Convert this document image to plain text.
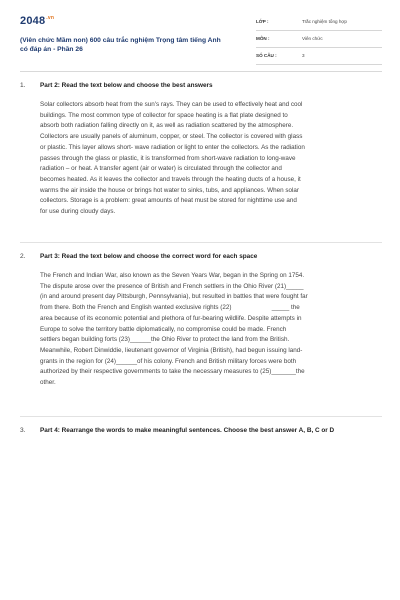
$2048^{.vn}$
(Viên chức Mầm non) 600 câu trắc nghiệm Trọng tâm tiếng Anh có đáp án - Phần 26
LỚP :	Trắc nghiệm tổng hợp
MÔN :	Viên chức
SỐ CÂU :	3
1. Part 2: Read the text below and choose the best answers
Solar collectors absorb heat from the sun's rays. They can be used to effectively heat and cool
buildings. The most common type of collector for space heating is a flat plate designed to
absorb both radiation falling directly on it, as well as radiation scattered by the atmosphere.
Collectors are usually panels of aluminum, copper, or steel. The collector is covered with glass
or plastic. This layer allows short- wave radiation or light to enter the collectors. As the radiation
passes through the glass or plastic, it is transformed from short-wave radiation to long-wave
radiation – or heat. A transfer agent (air or water) is circulated through the collector and
becomes heated. As it leaves the collector and travels through the heating ducts of a house, it
warms the air inside the house or brings hot water to sinks, tubs, and appliances. When solar
collectors. Storage is a problem: great amounts of heat must be stored for nighttime use and
for use during cloudy days.
2. Part 3: Read the text below and choose the correct word for each space
The French and Indian War, also known as the Seven Years War, began in the Spring on 1754.
The dispute arose over the presence of British and French settlers in the Ohio River (21)_____
(in and around present day Pittsburgh, Pennsylvania), but resulted in battles that were fought far
from there. Both the French and English wanted exclusive rights (22)                       _____ the
area because of its economic potential and plethora of fur-bearing wildlife. Despite attempts in
Europe to solve the territory battle diplomatically, no compromise could be made. French
settlers began building forts (23)______the Ohio River to protect the land from the British.
Meanwhile, Robert Dinwiddie, lieutenant governor of Virginia (British), had begun issuing land-
grants in the region for (24)______of his colony. French and British military forces were both
authorized by their respective governments to take the necessary measures to (25)_______the
other.
3. Part 4: Rearrange the words to make meaningful sentences. Choose the best answer A, B, C or D
